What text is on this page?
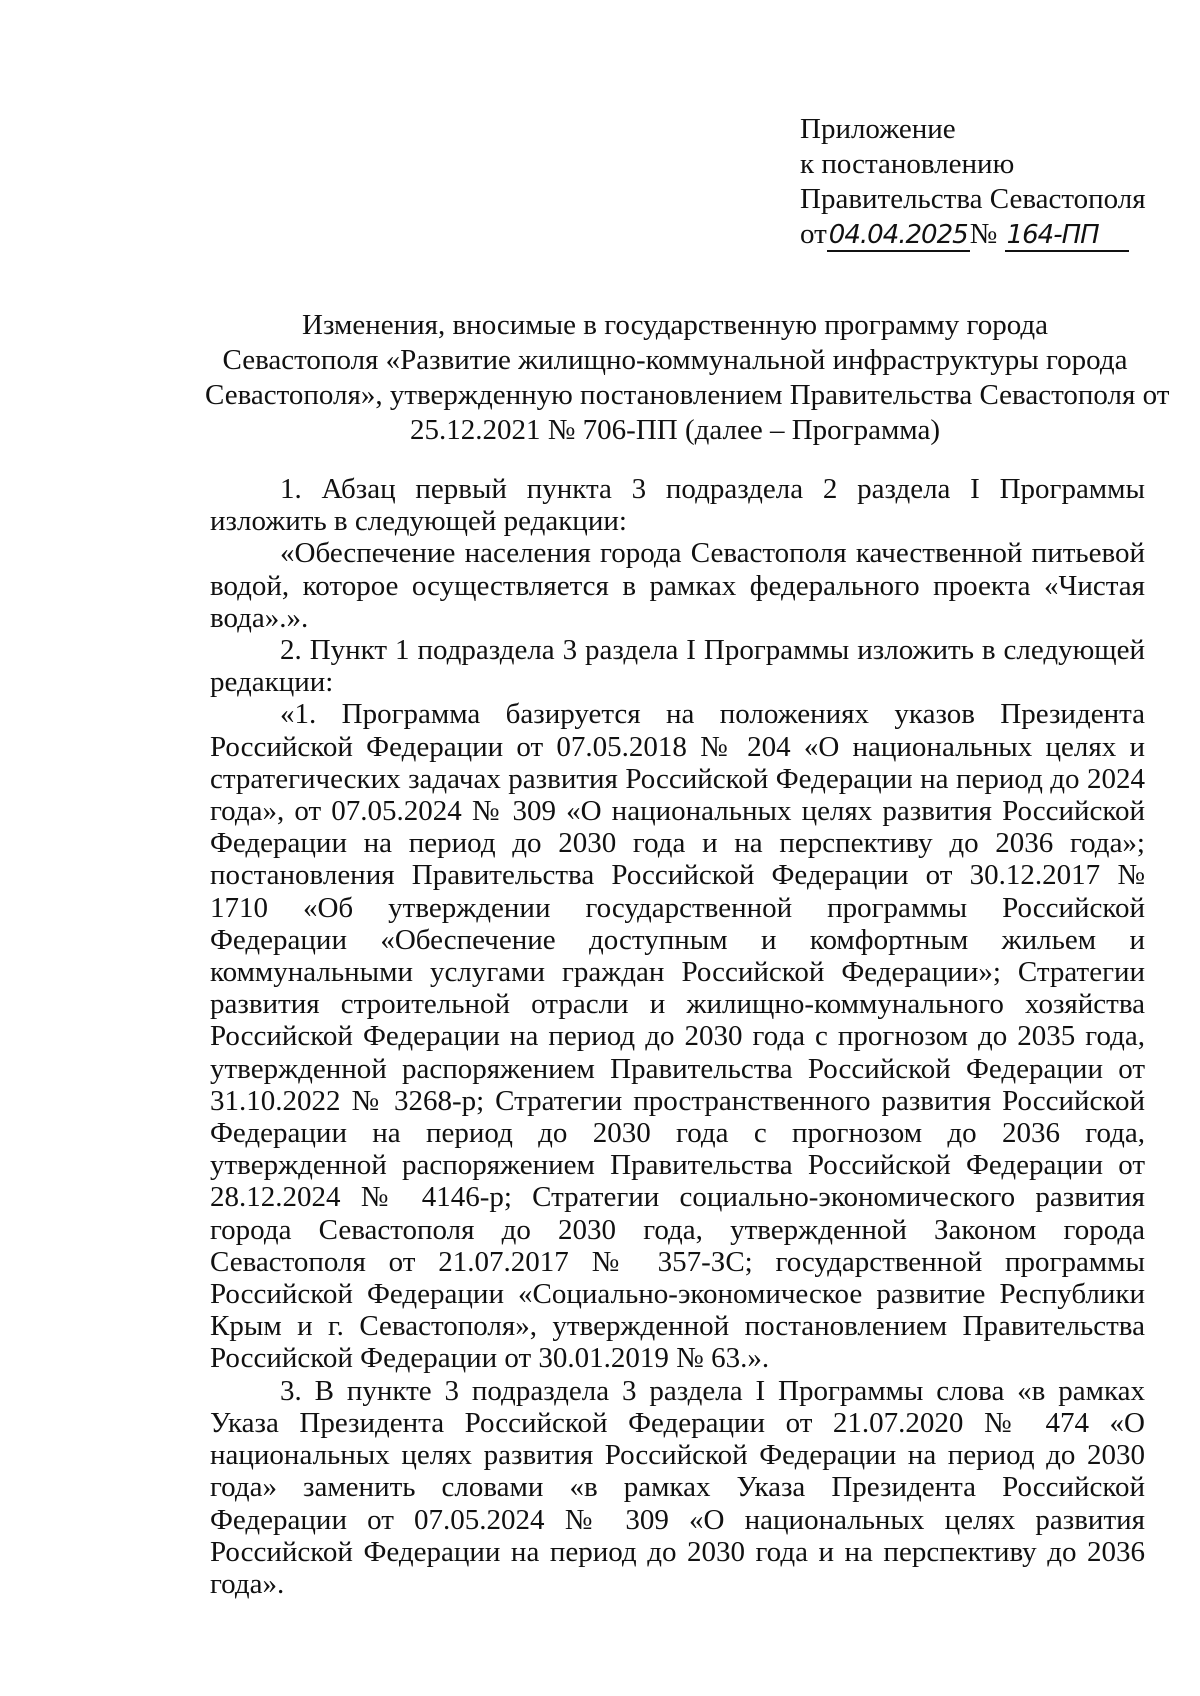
Приложение
к постановлению
Правительства Севастополя
от04.04.2025№ 164-ПП
Изменения, вносимые в государственную программу города
Севастополя «Развитие жилищно-коммунальной инфраструктуры города
Севастополя», утвержденную постановлением Правительства Севастополя от
25.12.2021 № 706-ПП (далее – Программа)

1. Абзац первый пункта 3 подраздела 2 раздела I Программы изложить в следующей редакции:

«Обеспечение населения города Севастополя качественной питьевой водой, которое осуществляется в рамках федерального проекта «Чистая вода».».

2. Пункт 1 подраздела 3 раздела I Программы изложить в следующей редакции:

«1. Программа базируется на положениях указов Президента Российской Федерации от 07.05.2018 № 204 «О национальных целях и стратегических задачах развития Российской Федерации на период до 2024 года», от 07.05.2024 № 309 «О национальных целях развития Российской Федерации на период до 2030 года и на перспективу до 2036 года»; постановления Правительства Российской Федерации от 30.12.2017 № 1710 «Об утверждении государственной программы Российской Федерации «Обеспечение доступным и комфортным жильем и коммунальными услугами граждан Российской Федерации»; Стратегии развития строительной отрасли и жилищно-коммунального хозяйства Российской Федерации на период до 2030 года с прогнозом до 2035 года, утвержденной распоряжением Правительства Российской Федерации от 31.10.2022 № 3268-р; Стратегии пространственного развития Российской Федерации на период до 2030 года с прогнозом до 2036 года, утвержденной распоряжением Правительства Российской Федерации от 28.12.2024 № 4146-р; Стратегии социально-экономического развития города Севастополя до 2030 года, утвержденной Законом города Севастополя от 21.07.2017 № 357-ЗС; государственной программы Российской Федерации «Социально-экономическое развитие Республики Крым и г. Севастополя», утвержденной постановлением Правительства Российской Федерации от 30.01.2019 № 63.».

3. В пункте 3 подраздела 3 раздела I Программы слова «в рамках Указа Президента Российской Федерации от 21.07.2020 № 474 «О национальных целях развития Российской Федерации на период до 2030 года» заменить словами «в рамках Указа Президента Российской Федерации от 07.05.2024 № 309 «О национальных целях развития Российской Федерации на период до 2030 года и на перспективу до 2036 года».
